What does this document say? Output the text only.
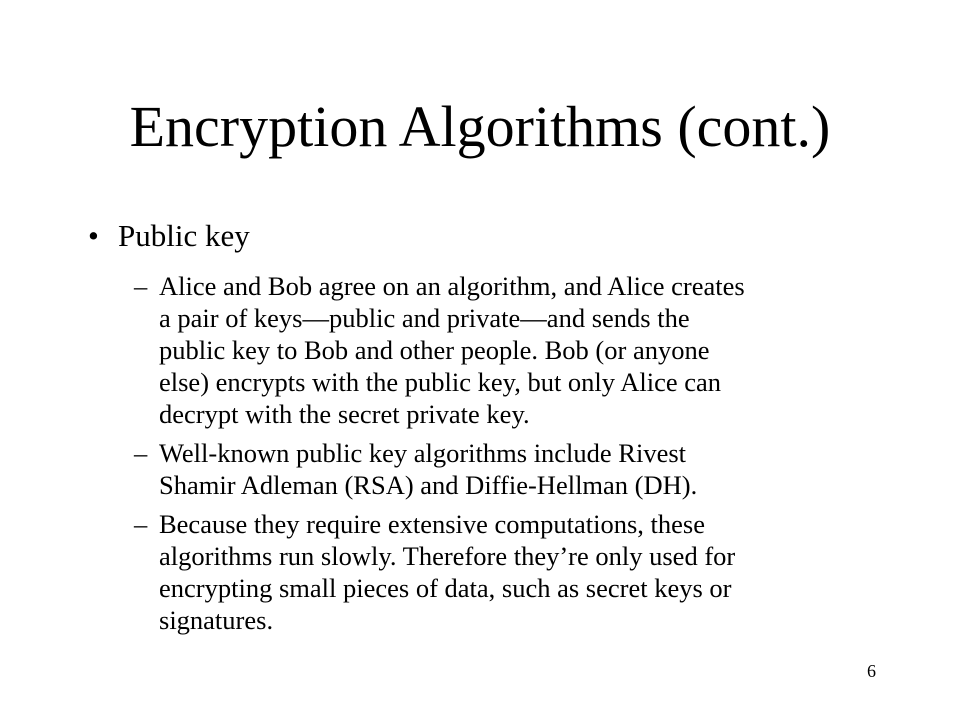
Encryption Algorithms (cont.)
• Public key
– Alice and Bob agree on an algorithm, and Alice creates
a pair of keys—public and private—and sends the
public key to Bob and other people. Bob (or anyone
else) encrypts with the public key, but only Alice can
decrypt with the secret private key.
– Well-known public key algorithms include Rivest
Shamir Adleman (RSA) and Diffie-Hellman (DH).
– Because they require extensive computations, these
algorithms run slowly. Therefore they’re only used for
encrypting small pieces of data, such as secret keys or
signatures.
6
